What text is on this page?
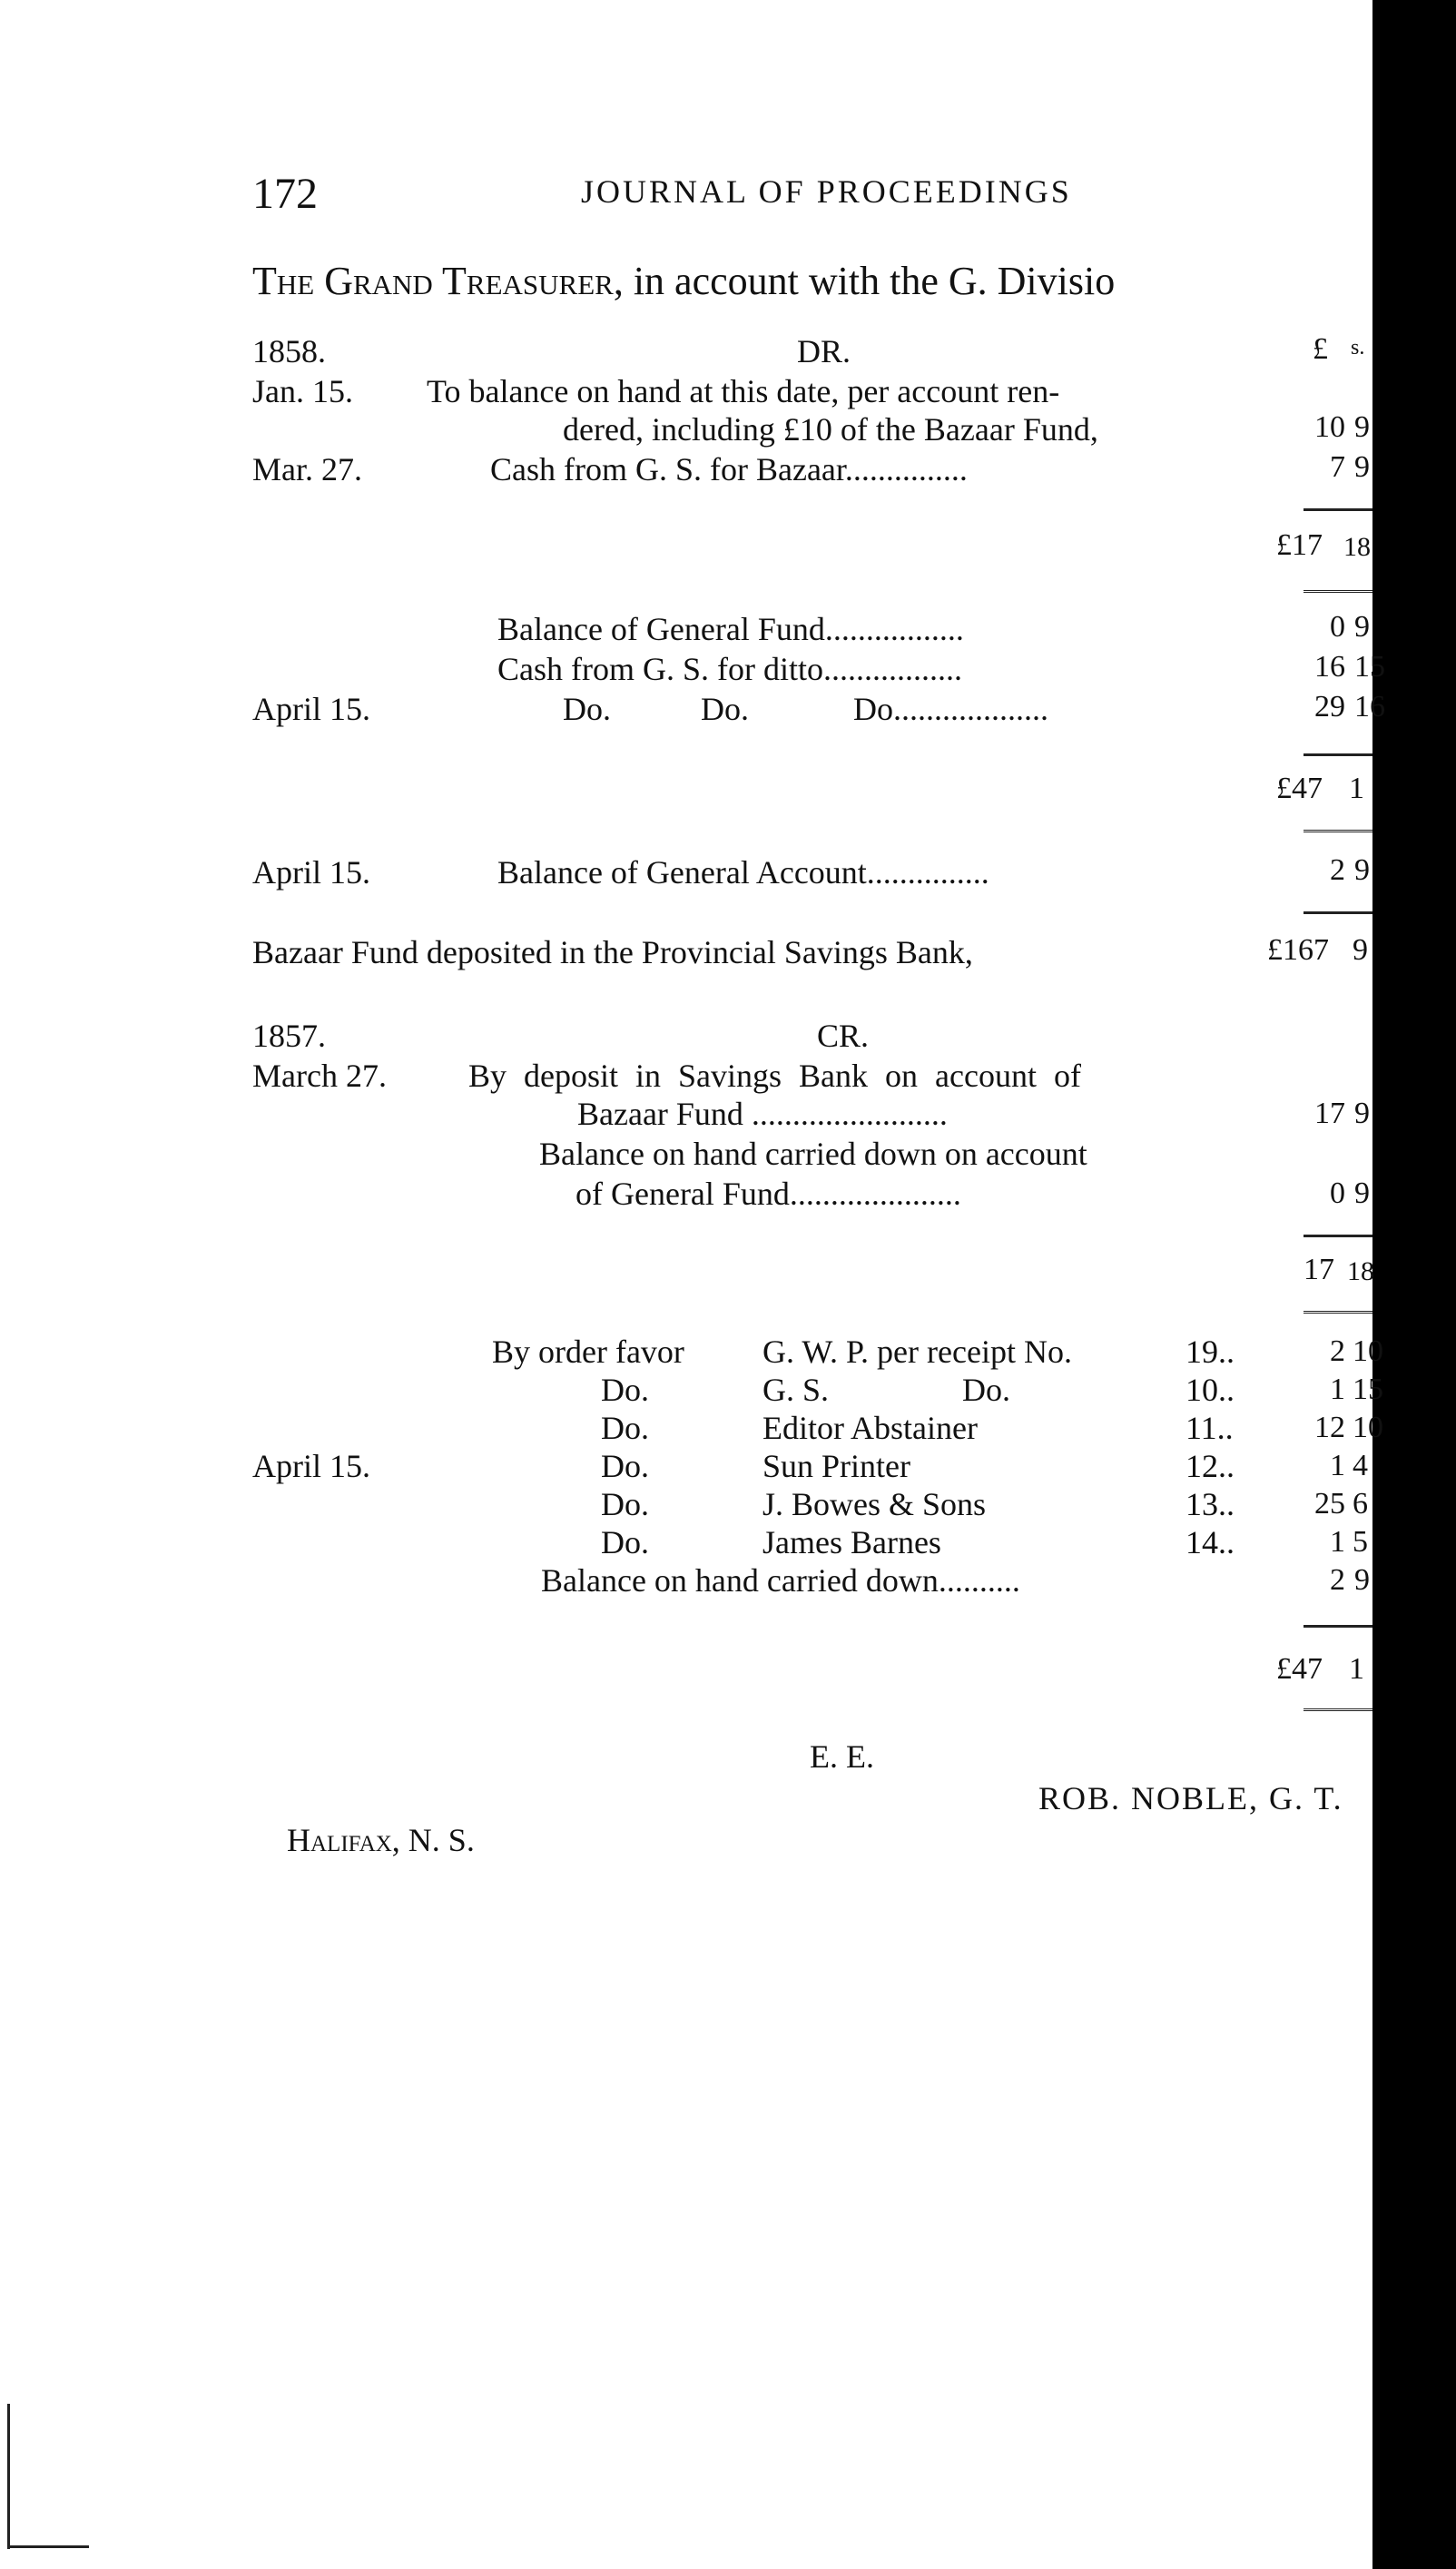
172	JOURNAL OF PROCEEDINGS
The Grand Treasurer, in account with the G. Divisio
1858.	DR.	£ s.
Jan. 15. To balance on hand at this date, per account ren-
dered, including £10 of the Bazaar Fund,	10 9
Mar. 27.	Cash from G. S. for Bazaar...............	7 9
£17 18
Balance of General Fund.................	0 9
Cash from G. S. for ditto.................	16 15
April 15.	Do.	Do.	Do...................	29 16
£47 1
April 15.	Balance of General Account...............	2 9
Bazaar Fund deposited in the Provincial Savings Bank,	£167 9
1857.	CR.
March 27.	By deposit in Savings Bank on account of
Bazaar Fund ........................	17 9
Balance on hand carried down on account
of General Fund.....................	0 9
17 18
By order favor G. W. P. per receipt No.	19..	2 10
Do.	G. S.	Do.	10..	1 15
Do.	Editor Abstainer	11..	12 10
April 15.	Do.	Sun Printer	12..	1 4
Do.	J. Bowes & Sons	13..	25 6
Do.	James Barnes	14..	1 5
Balance on hand carried down..........	2 9
£47 1
E. E.
ROB. NOBLE, G. T.
Halifax, N. S.
